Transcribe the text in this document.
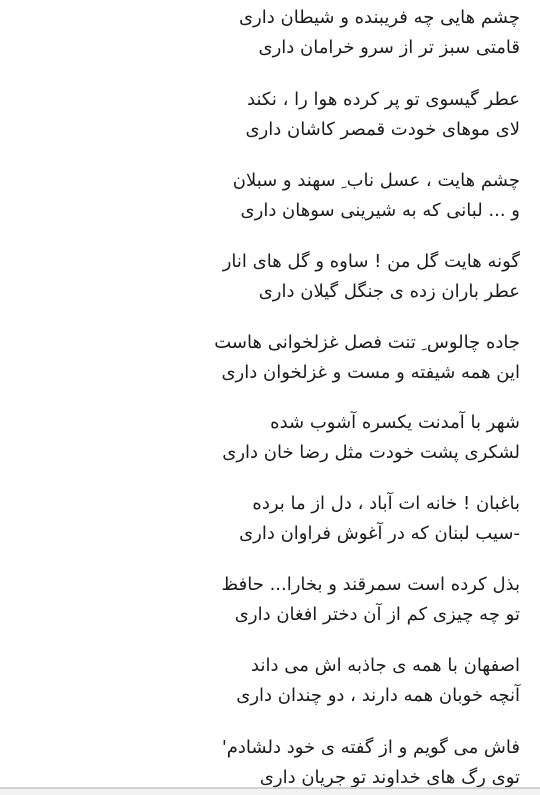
چشم هایی چه فریبنده و شیطان داری
قامتی سبز تر از سرو خرامان داری
عطر گیسوی تو پر کرده هوا را ، نکند
لای موهای خودت قمصر کاشان داری
چشم هایت ، عسل ناب ِ سهند و سبلان
و ... لبانی که به شیرینی سوهان داری
گونه هایت گل من ! ساوه و گل های انار
عطر باران زده ی جنگل گیلان داری
جاده چالوس ِ تنت فصل غزلخوانی هاست
این همه شیفته و مست و غزلخوان داری
شهر با آمدنت یکسره آشوب شده
لشکری پشت خودت مثل رضا خان داری
باغبان ! خانه ات آباد ، دل از ما برده
-سیب لبنان که در آغوش فراوان داری
بذل کرده است سمرقند و بخارا... حافظ
تو چه چیزی کم از آن دختر افغان داری
اصفهان با همه ی جاذبه اش می داند
آنچه خوبان همه دارند ، دو چندان داری
فاش می گویم و از گفته ی خود دلشادم'
توی رگ های خداوند تو جریان داری
